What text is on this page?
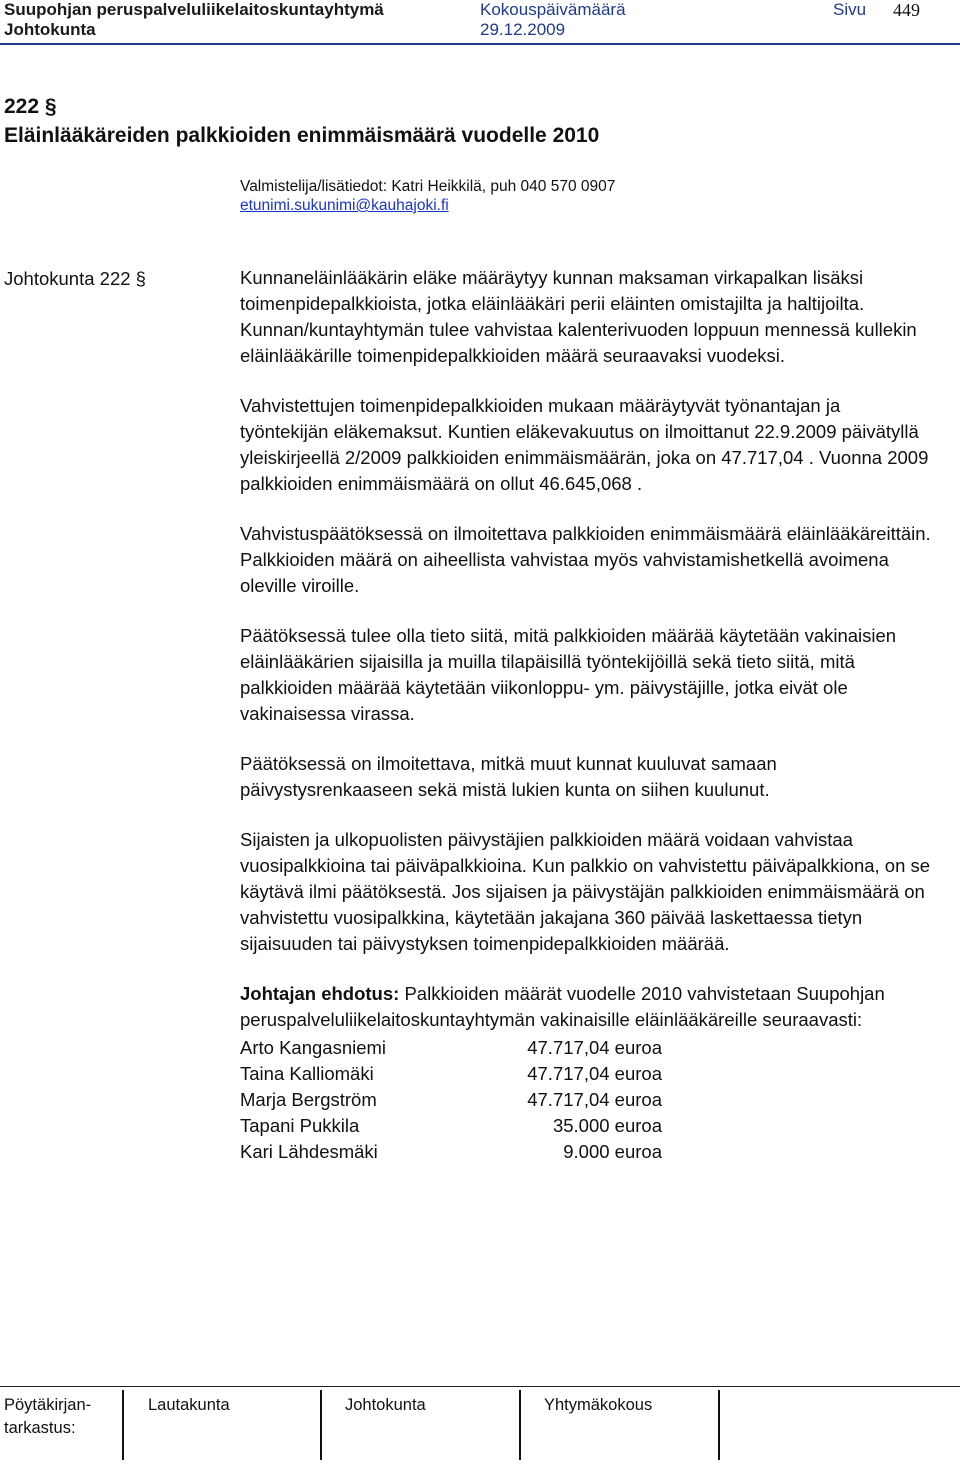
Suupohjan peruspalveluliikelaitoskuntayhtymä	Kokouspäivämäärä	Sivu 449
Johtokunta	29.12.2009
222 §
Eläinlääkäreiden palkkioiden enimmäismäärä vuodelle 2010
Valmistelija/lisätiedot: Katri Heikkilä, puh 040 570 0907
etunimi.sukunimi@kauhajoki.fi
Johtokunta 222 §	Kunnaneläinlääkärin eläke määräytyy kunnan maksaman virkapalkan lisäksi toimenpidepalkkioista, jotka eläinlääkäri perii eläinten omistajilta ja haltijoilta. Kunnan/kuntayhtymän tulee vahvistaa kalenterivuoden loppuun mennessä kullekin eläinlääkärille toimenpidepalkkioiden määrä seuraavaksi vuodeksi.

Vahvistettujen toimenpidepalkkioiden mukaan määräytyvät työnantajan ja työntekijän eläkemaksut. Kuntien eläkevakuutus on ilmoittanut 22.9.2009 päivätyllä yleiskirjeellä 2/2009 palkkioiden enimmäismäärän, joka on 47.717,04 . Vuonna 2009 palkkioiden enimmäismäärä on ollut 46.645,068 .

Vahvistuspäätöksessä on ilmoitettava palkkioiden enimmäismäärä eläinlääkäreittäin. Palkkioiden määrä on aiheellista vahvistaa myös vahvistamishetkellä avoimena oleville viroille.

Päätöksessä tulee olla tieto siitä, mitä palkkioiden määrää käytetään vakinaisien eläinlääkärien sijaisilla ja muilla tilapäisillä työntekijöillä sekä tieto siitä, mitä palkkioiden määrää käytetään viikonloppu- ym. päivystäjille, jotka eivät ole vakinaisessa virassa.

Päätöksessä on ilmoitettava, mitkä muut kunnat kuuluvat samaan päivystysrenkaaseen sekä mistä lukien kunta on siihen kuulunut.

Sijaisten ja ulkopuolisten päivystäjien palkkioiden määrä voidaan vahvistaa vuosipalkkioina tai päiväpalkkioina. Kun palkkio on vahvistettu päiväpalkkiona, on se käytävä ilmi päätöksestä. Jos sijaisen ja päivystäjän palkkioiden enimmäismäärä on vahvistettu vuosipalkkina, käytetään jakajana 360 päivää laskettaessa tietyn sijaisuuden tai päivystyksen toimenpidepalkkioiden määrää.

Johtajan ehdotus: Palkkioiden määrät vuodelle 2010 vahvistetaan Suupohjan peruspalveluliikelaitoskuntayhtymän vakinaisille eläinlääkäreille seuraavasti:

Arto Kangasniemi	47.717,04 euroa
Taina Kalliomäki	47.717,04 euroa
Marja Bergström	47.717,04 euroa
Tapani Pukkila	35.000 euroa
Kari Lähdesmäki	9.000 euroa
Pöytäkirjan-
tarkastus:
Lautakunta	Johtokunta	Yhtymäkokous
